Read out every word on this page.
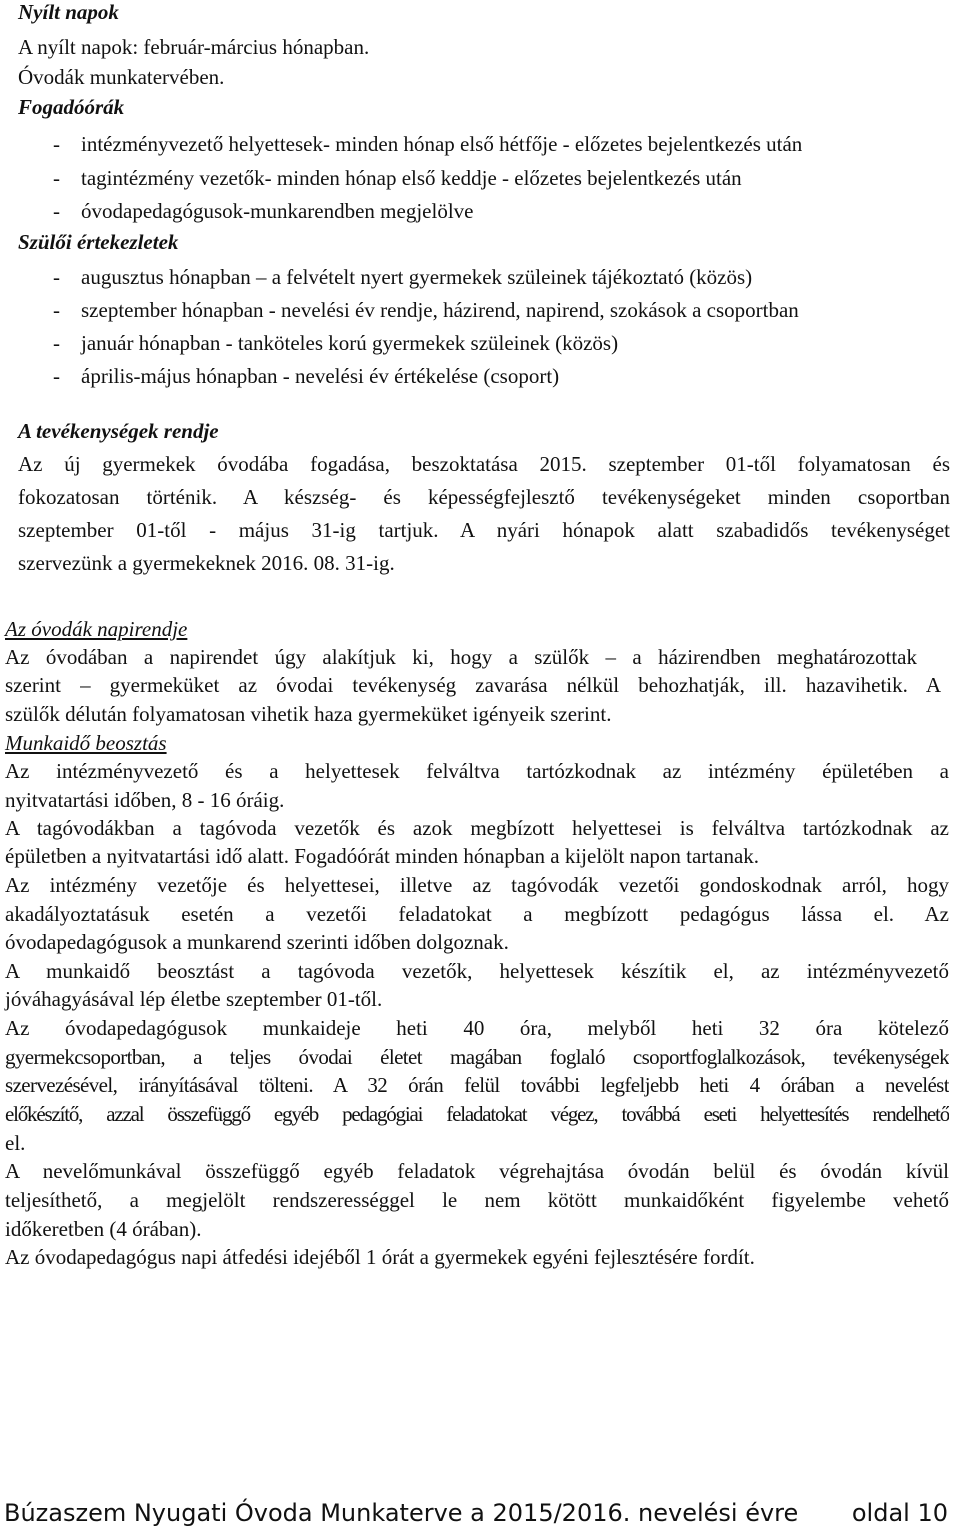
Nyílt napok
A nyílt napok: február-március hónapban.
Óvodák munkatervében.
Fogadóórák
- intézményvezető helyettesek- minden hónap első hétfője - előzetes bejelentkezés után
- tagintézmény vezetők- minden hónap első keddje - előzetes bejelentkezés után
- óvodapedagógusok-munkarendben megjelölve
Szülői értekezletek
- augusztus hónapban – a felvételt nyert gyermekek szüleinek tájékoztató (közös)
- szeptember hónapban - nevelési év rendje, házirend, napirend, szokások a csoportban
- január hónapban - tanköteles korú gyermekek szüleinek (közös)
- április-május hónapban - nevelési év értékelése (csoport)
A tevékenységek rendje
Az új gyermekek óvodába fogadása, beszoktatása 2015. szeptember 01-től folyamatosan és
fokozatosan történik. A készség- és képességfejlesztő tevékenységeket minden csoportban
szeptember 01-től - május 31-ig tartjuk. A nyári hónapok alatt szabadidős tevékenységet
szervezünk a gyermekeknek 2016. 08. 31-ig.
Az óvodák napirendje
Az óvodában a napirendet úgy alakítjuk ki, hogy a szülők – a házirendben meghatározottak
szerint – gyermeküket az óvodai tevékenység zavarása nélkül behozhatják, ill. hazavihetik. A
szülők délután folyamatosan vihetik haza gyermeküket igényeik szerint.
Munkaidő beosztás
Az intézményvezető és a helyettesek felváltva tartózkodnak az intézmény épületében a
nyitvatartási időben, 8 - 16 óráig.
A tagóvodákban a tagóvoda vezetők és azok megbízott helyettesei is felváltva tartózkodnak az
épületben a nyitvatartási idő alatt. Fogadóórát minden hónapban a kijelölt napon tartanak.
Az intézmény vezetője és helyettesei, illetve az tagóvodák vezetői gondoskodnak arról, hogy
akadályoztatásuk esetén a vezetői feladatokat a megbízott pedagógus lássa el. Az
óvodapedagógusok a munkarend szerinti időben dolgoznak.
A munkaidő beosztást a tagóvoda vezetők, helyettesek készítik el, az intézményvezető
jóváhagyásával lép életbe szeptember 01-től.
Az óvodapedagógusok munkaideje heti 40 óra, melyből heti 32 óra kötelező
gyermekcsoportban, a teljes óvodai életet magában foglaló csoportfoglalkozások, tevékenységek
szervezésével, irányításával tölteni. A 32 órán felül további legfeljebb heti 4 órában a nevelést
előkészítő, azzal összefüggő egyéb pedagógiai feladatokat végez, továbbá eseti helyettesítés rendelhető
el.
A nevelőmunkával összefüggő egyéb feladatok végrehajtása óvodán belül és óvodán kívül
teljesíthető, a megjelölt rendszerességgel le nem kötött munkaidőként figyelembe vehető
időkeretben (4 órában).
Az óvodapedagógus napi átfedési idejéből 1 órát a gyermekek egyéni fejlesztésére fordít.
Búzaszem Nyugati Óvoda Munkaterve a 2015/2016. nevelési évre oldal 10
